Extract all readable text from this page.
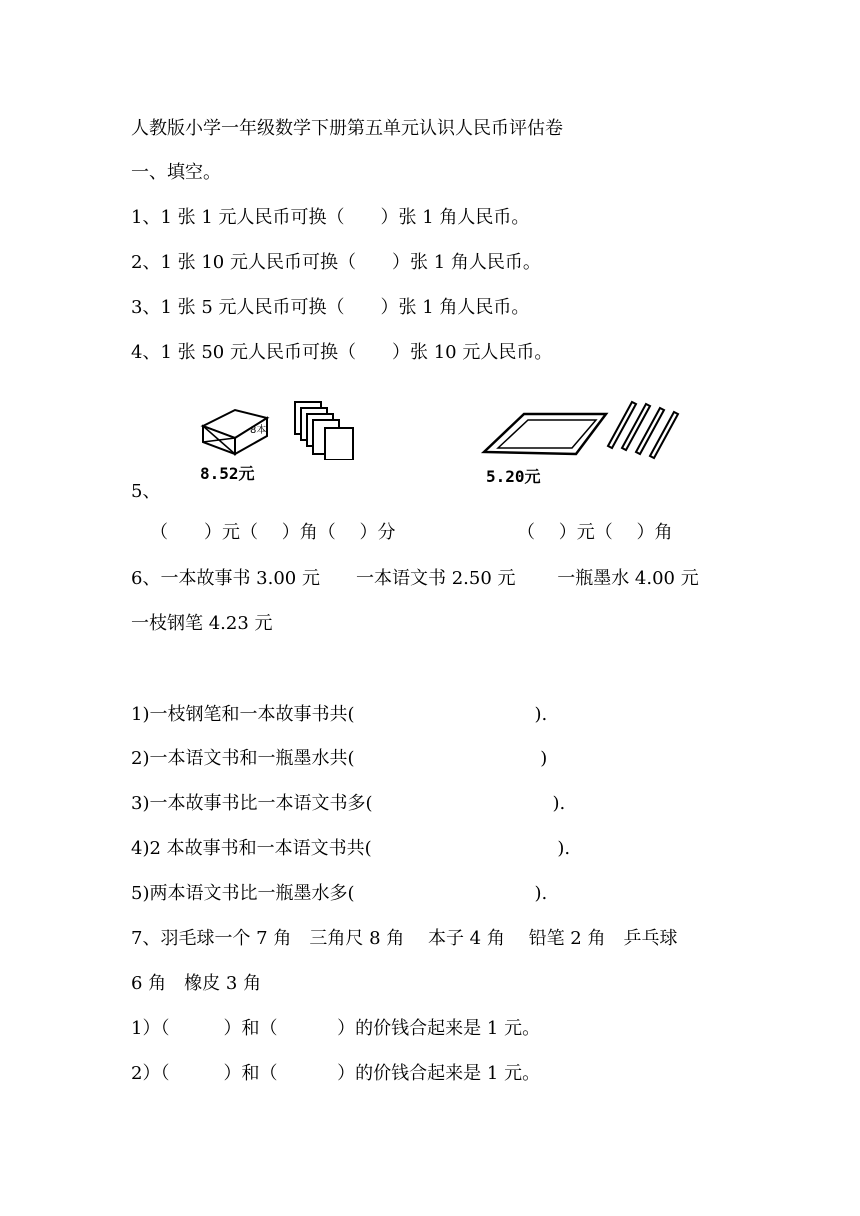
人教版小学一年级数学下册第五单元认识人民币评估卷
一、填空。
1、1 张 1 元人民币可换（　　）张 1 角人民币。
2、1 张 10 元人民币可换（　　）张 1 角人民币。
3、1 张 5 元人民币可换（　　）张 1 角人民币。
4、1 张 50 元人民币可换（　　）张 10 元人民币。
8本
8.52元	5.20元
5、
（　　）元（　 ）角（　 ）分	（　 ）元（　 ）角
6、一本故事书 3.00 元　　一本语文书 2.50 元　　 一瓶墨水 4.00 元
一枝钢笔 4.23 元
1)一枝钢笔和一本故事书共(　　　　　　　　　　).
2)一本语文书和一瓶墨水共(　　　　　　　　　　 )
3)一本故事书比一本语文书多(　　　　　　　　　　).
4)2 本故事书和一本语文书共(　　　　　　　　　　 ).
5)两本语文书比一瓶墨水多(　　　　　　　　　　).
7、羽毛球一个 7 角　三角尺 8 角　 本子 4 角　 铅笔 2 角　乒乓球
6 角　橡皮 3 角
1）（　　　）和（　　　 ）的价钱合起来是 1 元。
2）（　　　）和（　　　 ）的价钱合起来是 1 元。
